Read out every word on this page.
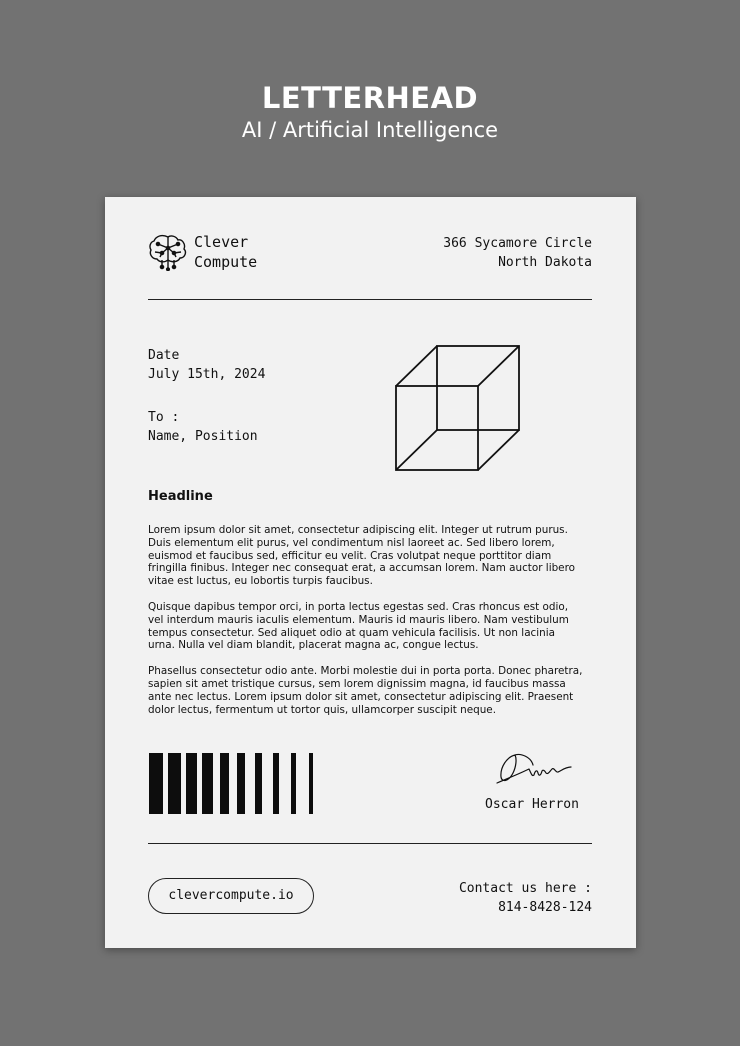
LETTERHEAD
AI / Artificial Intelligence
Clever
Compute
366 Sycamore Circle
North Dakota
Date
July 15th, 2024
To :
Name, Position
Headline

Lorem ipsum dolor sit amet, consectetur adipiscing elit. Integer ut rutrum purus.
Duis elementum elit purus, vel condimentum nisl laoreet ac. Sed libero lorem,
euismod et faucibus sed, efficitur eu velit. Cras volutpat neque porttitor diam
fringilla finibus. Integer nec consequat erat, a accumsan lorem. Nam auctor libero
vitae est luctus, eu lobortis turpis faucibus.

Quisque dapibus tempor orci, in porta lectus egestas sed. Cras rhoncus est odio,
vel interdum mauris iaculis elementum. Mauris id mauris libero. Nam vestibulum
tempus consectetur. Sed aliquet odio at quam vehicula facilisis. Ut non lacinia
urna. Nulla vel diam blandit, placerat magna ac, congue lectus.

Phasellus consectetur odio ante. Morbi molestie dui in porta porta. Donec pharetra,
sapien sit amet tristique cursus, sem lorem dignissim magna, id faucibus massa
ante nec lectus. Lorem ipsum dolor sit amet, consectetur adipiscing elit. Praesent
dolor lectus, fermentum ut tortor quis, ullamcorper suscipit neque.

Oscar Herron
clevercompute.io	Contact us here :
814-8428-124
